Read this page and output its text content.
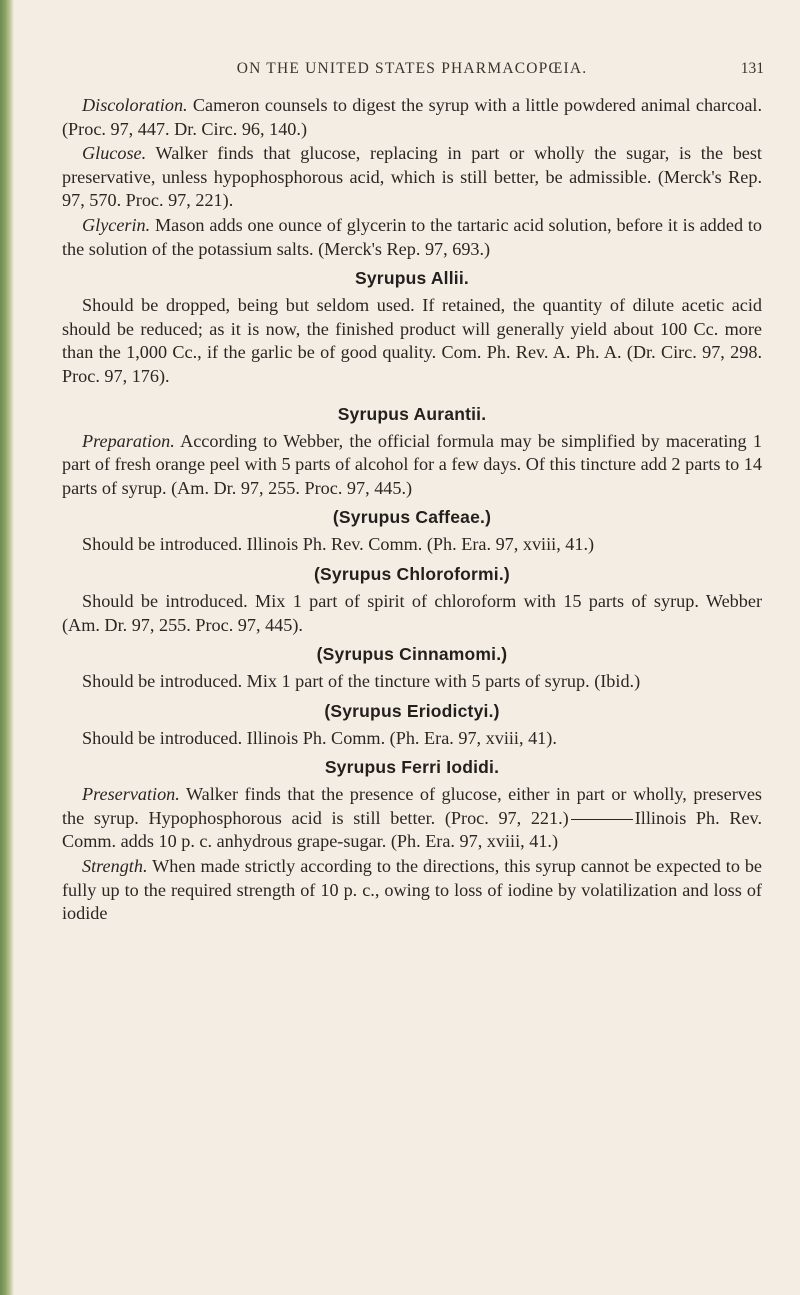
ON THE UNITED STATES PHARMACOPŒIA.	131

Discoloration. Cameron counsels to digest the syrup with a little powdered animal charcoal. (Proc. 97, 447. Dr. Circ. 96, 140.)

Glucose. Walker finds that glucose, replacing in part or wholly the sugar, is the best preservative, unless hypophosphorous acid, which is still better, be admissible. (Merck's Rep. 97, 570. Proc. 97, 221).

Glycerin. Mason adds one ounce of glycerin to the tartaric acid solution, before it is added to the solution of the potassium salts. (Merck's Rep. 97, 693.)

Syrupus Allii.

Should be dropped, being but seldom used. If retained, the quantity of dilute acetic acid should be reduced; as it is now, the finished product will generally yield about 100 Cc. more than the 1,000 Cc., if the garlic be of good quality. Com. Ph. Rev. A. Ph. A. (Dr. Circ. 97, 298. Proc. 97, 176).

Syrupus Aurantii.

Preparation. According to Webber, the official formula may be simplified by macerating 1 part of fresh orange peel with 5 parts of alcohol for a few days. Of this tincture add 2 parts to 14 parts of syrup. (Am. Dr. 97, 255. Proc. 97, 445.)

(Syrupus Caffeae.)

Should be introduced. Illinois Ph. Rev. Comm. (Ph. Era. 97, xviii, 41.)

(Syrupus Chloroformi.)

Should be introduced. Mix 1 part of spirit of chloroform with 15 parts of syrup. Webber (Am. Dr. 97, 255. Proc. 97, 445).

(Syrupus Cinnamomi.)

Should be introduced. Mix 1 part of the tincture with 5 parts of syrup. (Ibid.)

(Syrupus Eriodictyi.)

Should be introduced. Illinois Ph. Comm. (Ph. Era. 97, xviii, 41).

Syrupus Ferri Iodidi.

Preservation. Walker finds that the presence of glucose, either in part or wholly, preserves the syrup. Hypophosphorous acid is still better. (Proc. 97, 221.)	Illinois Ph. Rev. Comm. adds 10 p. c. anhydrous grape-sugar. (Ph. Era. 97, xviii, 41.)

Strength. When made strictly according to the directions, this syrup cannot be expected to be fully up to the required strength of 10 p. c., owing to loss of iodine by volatilization and loss of iodide
